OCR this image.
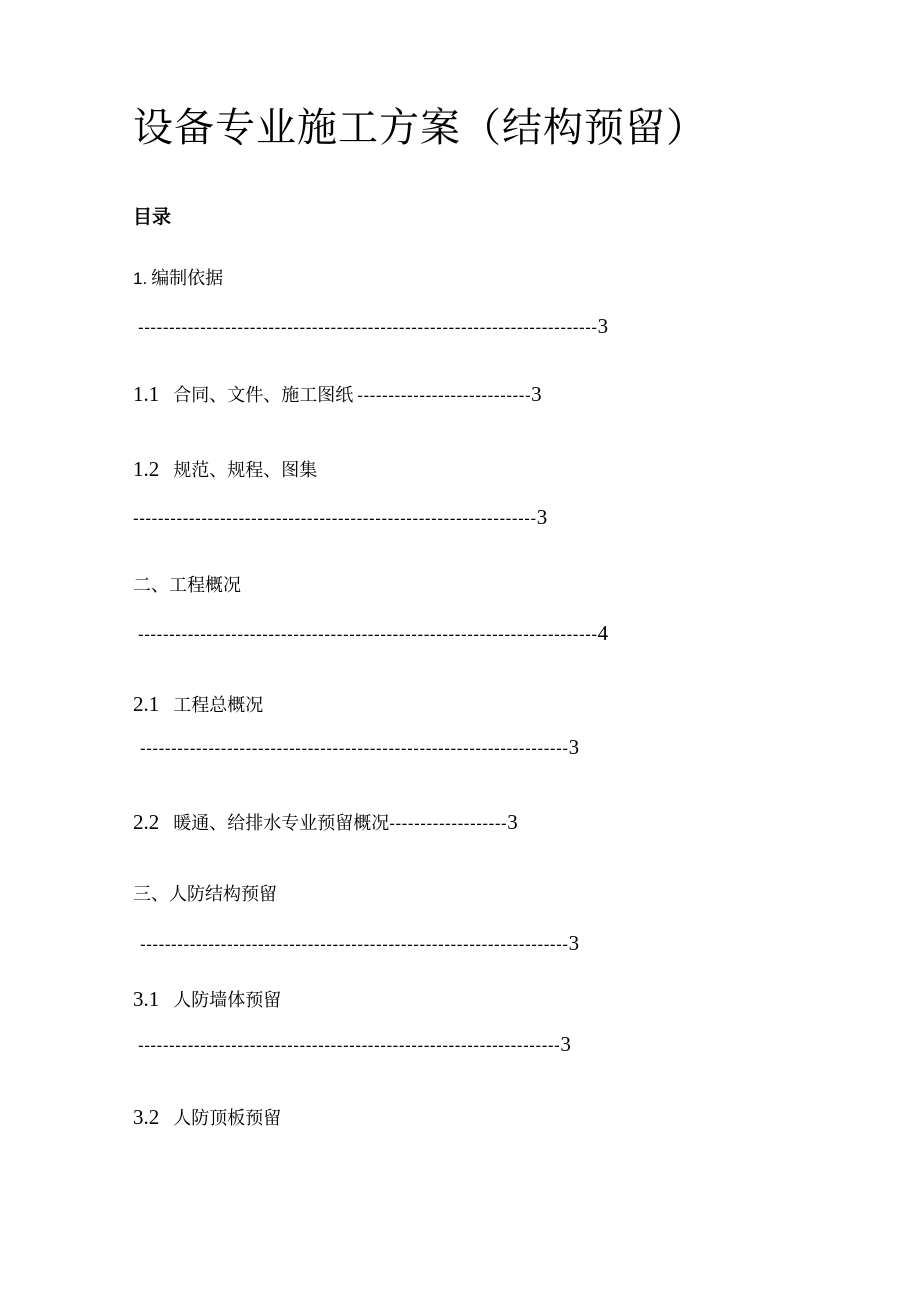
设备专业施工方案（结构预留）
目录
1. 编制依据
--------------------------------------------------------------------------3
1.1 合同、文件、施工图纸 ----------------------------3
1.2 规范、规程、图集
-----------------------------------------------------------------3
二、工程概况
--------------------------------------------------------------------------4
2.1 工程总概况
---------------------------------------------------------------------3
2.2 暖通、给排水专业预留概况-------------------3
三、人防结构预留
---------------------------------------------------------------------3
3.1 人防墙体预留
--------------------------------------------------------------------3
3.2 人防顶板预留
